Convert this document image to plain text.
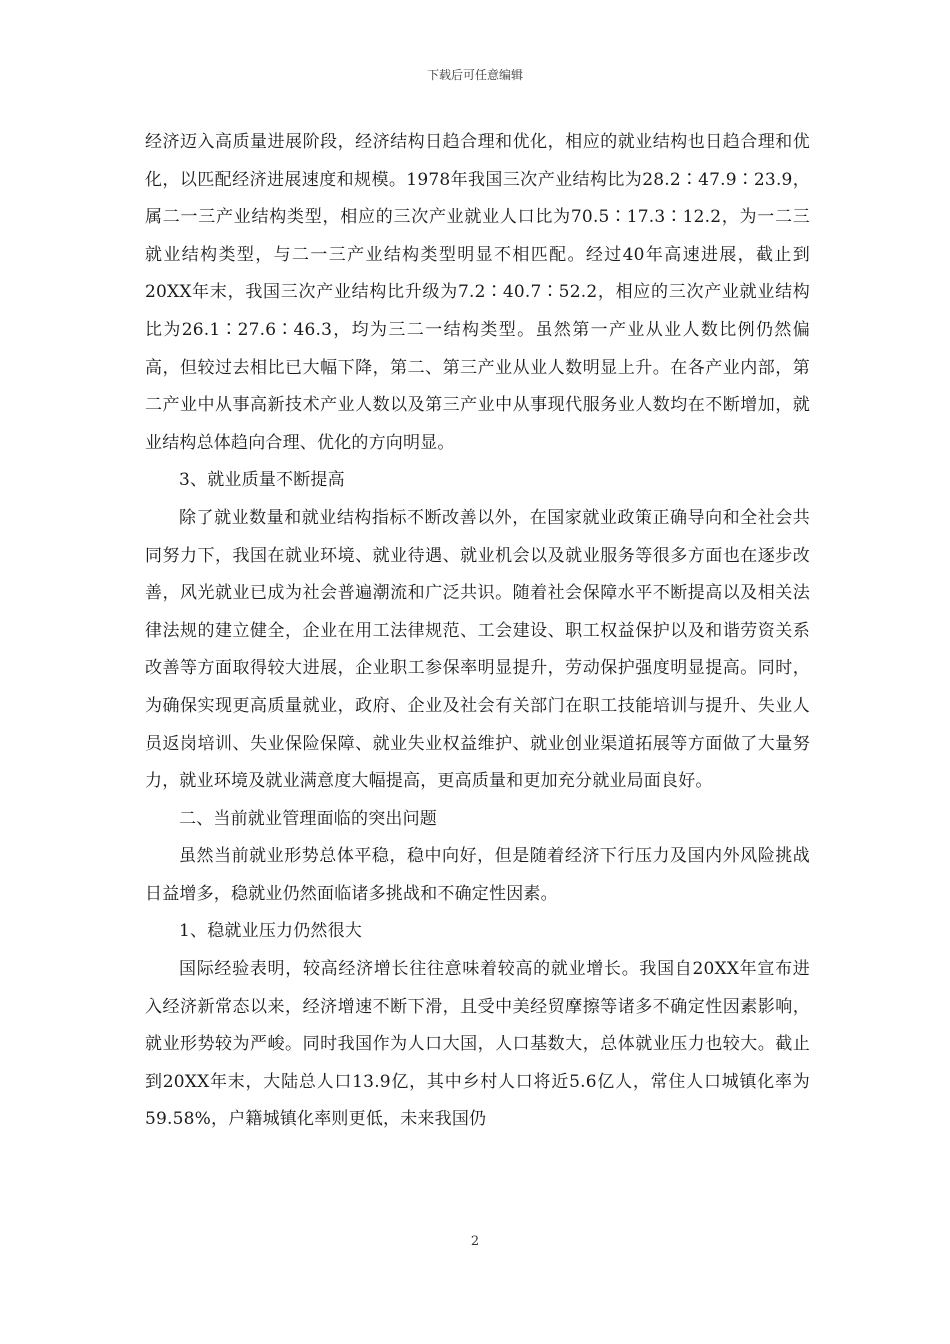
下载后可任意编辑

经济迈入高质量进展阶段，经济结构日趋合理和优化，相应的就业结构也日趋合理和优化，以匹配经济进展速度和规模。1978年我国三次产业结构比为28.2∶47.9∶23.9，属二一三产业结构类型，相应的三次产业就业人口比为70.5∶17.3∶12.2，为一二三就业结构类型，与二一三产业结构类型明显不相匹配。经过40年高速进展，截止到20XX年末，我国三次产业结构比升级为7.2∶40.7∶52.2，相应的三次产业就业结构比为26.1∶27.6∶46.3，均为三二一结构类型。虽然第一产业从业人数比例仍然偏高，但较过去相比已大幅下降，第二、第三产业从业人数明显上升。在各产业内部，第二产业中从事高新技术产业人数以及第三产业中从事现代服务业人数均在不断增加，就业结构总体趋向合理、优化的方向明显。

3、就业质量不断提高

除了就业数量和就业结构指标不断改善以外，在国家就业政策正确导向和全社会共同努力下，我国在就业环境、就业待遇、就业机会以及就业服务等很多方面也在逐步改善，风光就业已成为社会普遍潮流和广泛共识。随着社会保障水平不断提高以及相关法律法规的建立健全，企业在用工法律规范、工会建设、职工权益保护以及和谐劳资关系改善等方面取得较大进展，企业职工参保率明显提升，劳动保护强度明显提高。同时，为确保实现更高质量就业，政府、企业及社会有关部门在职工技能培训与提升、失业人员返岗培训、失业保险保障、就业失业权益维护、就业创业渠道拓展等方面做了大量努力，就业环境及就业满意度大幅提高，更高质量和更加充分就业局面良好。

二、当前就业管理面临的突出问题

虽然当前就业形势总体平稳，稳中向好，但是随着经济下行压力及国内外风险挑战日益增多，稳就业仍然面临诸多挑战和不确定性因素。

1、稳就业压力仍然很大

国际经验表明，较高经济增长往往意味着较高的就业增长。我国自20XX年宣布进入经济新常态以来，经济增速不断下滑，且受中美经贸摩擦等诸多不确定性因素影响，就业形势较为严峻。同时我国作为人口大国，人口基数大，总体就业压力也较大。截止到20XX年末，大陆总人口13.9亿，其中乡村人口将近5.6亿人，常住人口城镇化率为59.58%，户籍城镇化率则更低，未来我国仍

2
